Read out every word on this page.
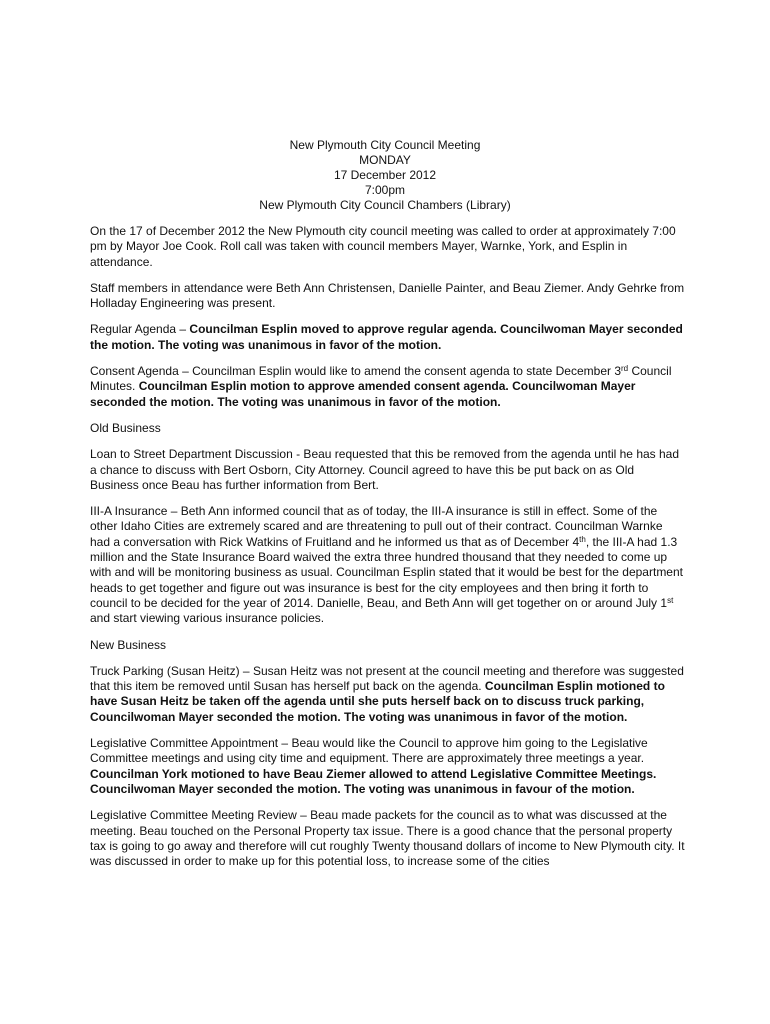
New Plymouth City Council Meeting
MONDAY
17 December 2012
7:00pm
New Plymouth City Council Chambers (Library)

On the 17 of December 2012 the New Plymouth city council meeting was called to order at approximately 7:00 pm by Mayor Joe Cook. Roll call was taken with council members Mayer, Warnke, York, and Esplin in attendance.

Staff members in attendance were Beth Ann Christensen, Danielle Painter, and Beau Ziemer. Andy Gehrke from Holladay Engineering was present.

Regular Agenda – Councilman Esplin moved to approve regular agenda. Councilwoman Mayer seconded the motion. The voting was unanimous in favor of the motion.

Consent Agenda – Councilman Esplin would like to amend the consent agenda to state December 3rd Council Minutes. Councilman Esplin motion to approve amended consent agenda. Councilwoman Mayer seconded the motion. The voting was unanimous in favor of the motion.

Old Business

Loan to Street Department Discussion - Beau requested that this be removed from the agenda until he has had a chance to discuss with Bert Osborn, City Attorney. Council agreed to have this be put back on as Old Business once Beau has further information from Bert.

III-A Insurance – Beth Ann informed council that as of today, the III-A insurance is still in effect. Some of the other Idaho Cities are extremely scared and are threatening to pull out of their contract. Councilman Warnke had a conversation with Rick Watkins of Fruitland and he informed us that as of December 4th, the III-A had 1.3 million and the State Insurance Board waived the extra three hundred thousand that they needed to come up with and will be monitoring business as usual. Councilman Esplin stated that it would be best for the department heads to get together and figure out was insurance is best for the city employees and then bring it forth to council to be decided for the year of 2014. Danielle, Beau, and Beth Ann will get together on or around July 1st and start viewing various insurance policies.

New Business

Truck Parking (Susan Heitz) – Susan Heitz was not present at the council meeting and therefore was suggested that this item be removed until Susan has herself put back on the agenda. Councilman Esplin motioned to have Susan Heitz be taken off the agenda until she puts herself back on to discuss truck parking, Councilwoman Mayer seconded the motion. The voting was unanimous in favor of the motion.

Legislative Committee Appointment – Beau would like the Council to approve him going to the Legislative Committee meetings and using city time and equipment. There are approximately three meetings a year. Councilman York motioned to have Beau Ziemer allowed to attend Legislative Committee Meetings. Councilwoman Mayer seconded the motion. The voting was unanimous in favour of the motion.

Legislative Committee Meeting Review – Beau made packets for the council as to what was discussed at the meeting. Beau touched on the Personal Property tax issue. There is a good chance that the personal property tax is going to go away and therefore will cut roughly Twenty thousand dollars of income to New Plymouth city. It was discussed in order to make up for this potential loss, to increase some of the cities
